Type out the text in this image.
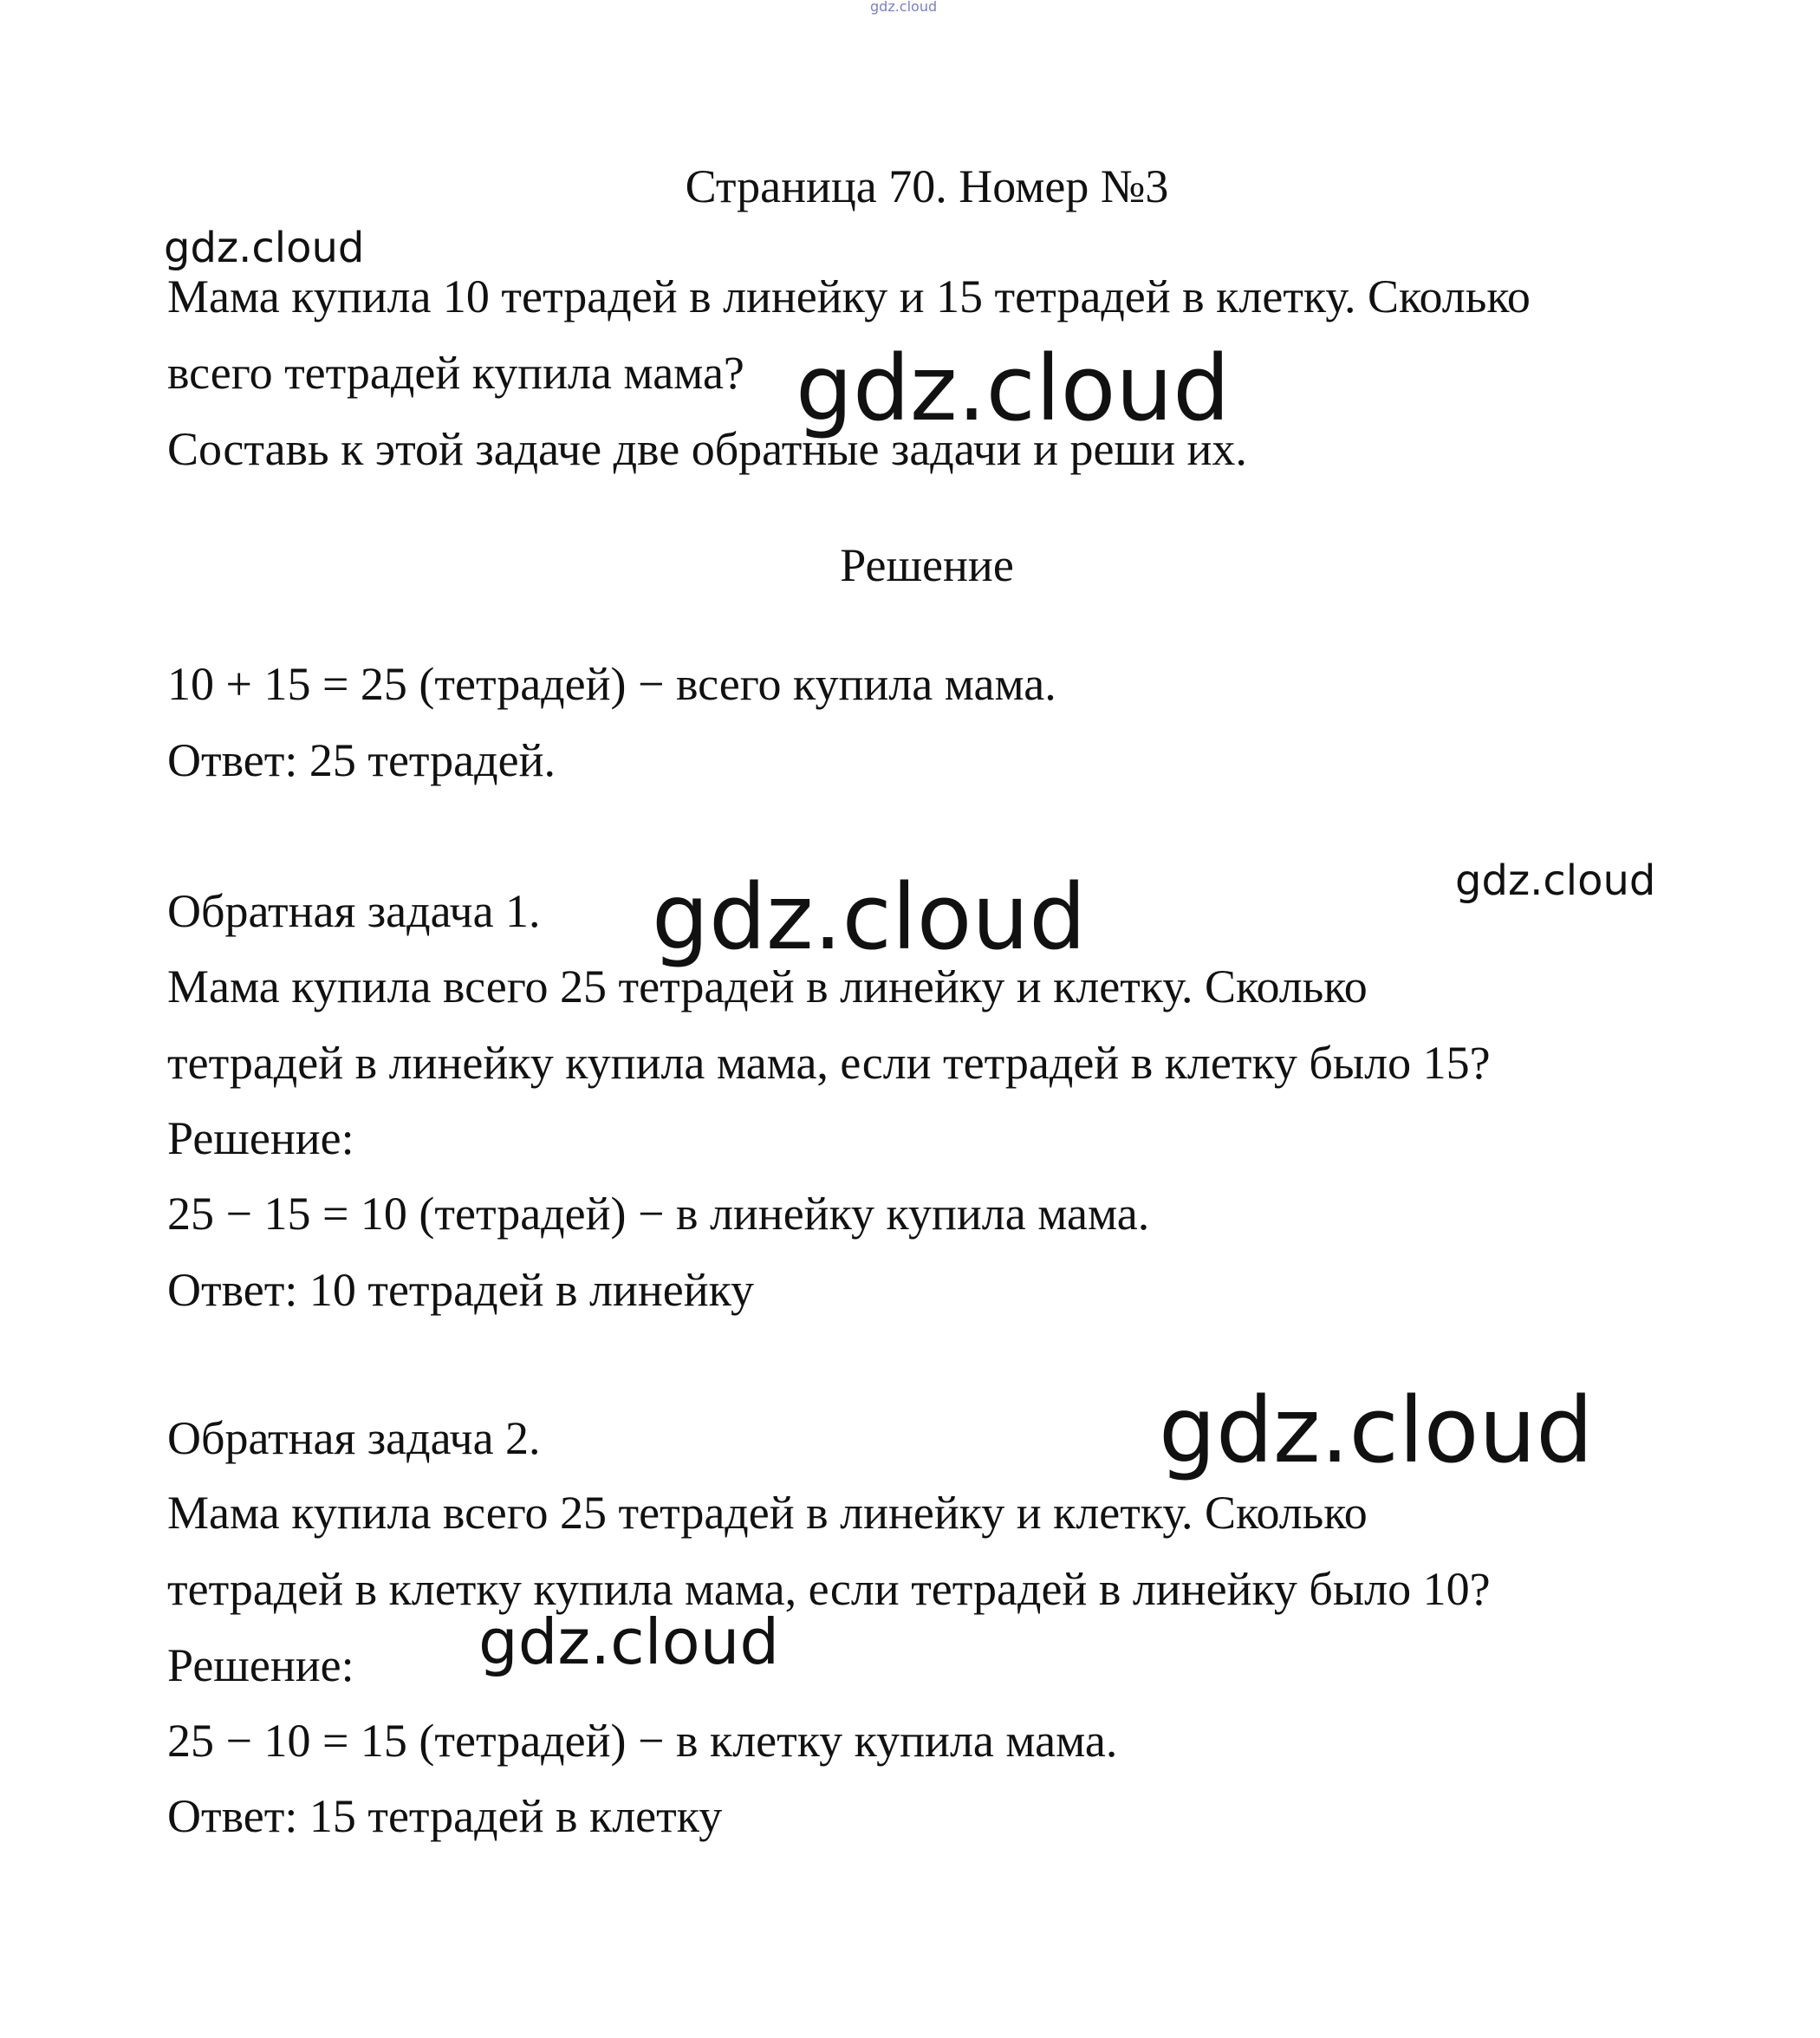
gdz.cloud
Страница 70. Номер №3
gdz.cloud
Мама купила 10 тетрадей в линейку и 15 тетрадей в клетку. Сколько
всего тетрадей купила мама? gdz.cloud
Составь к этой задаче две обратные задачи и реши их.
Решение
10 + 15 = 25 (тетрадей) − всего купила мама.
Ответ: 25 тетрадей.
Обратная задача 1. gdz.cloud	gdz.cloud
Мама купила всего 25 тетрадей в линейку и клетку. Сколько
тетрадей в линейку купила мама, если тетрадей в клетку было 15?
Решение:
25 − 15 = 10 (тетрадей) − в линейку купила мама.
Ответ: 10 тетрадей в линейку
Обратная задача 2.	gdz.cloud
Мама купила всего 25 тетрадей в линейку и клетку. Сколько
тетрадей в клетку купила мама, если тетрадей в линейку было 10?
Решение: gdz.cloud
25 − 10 = 15 (тетрадей) − в клетку купила мама.
Ответ: 15 тетрадей в клетку
